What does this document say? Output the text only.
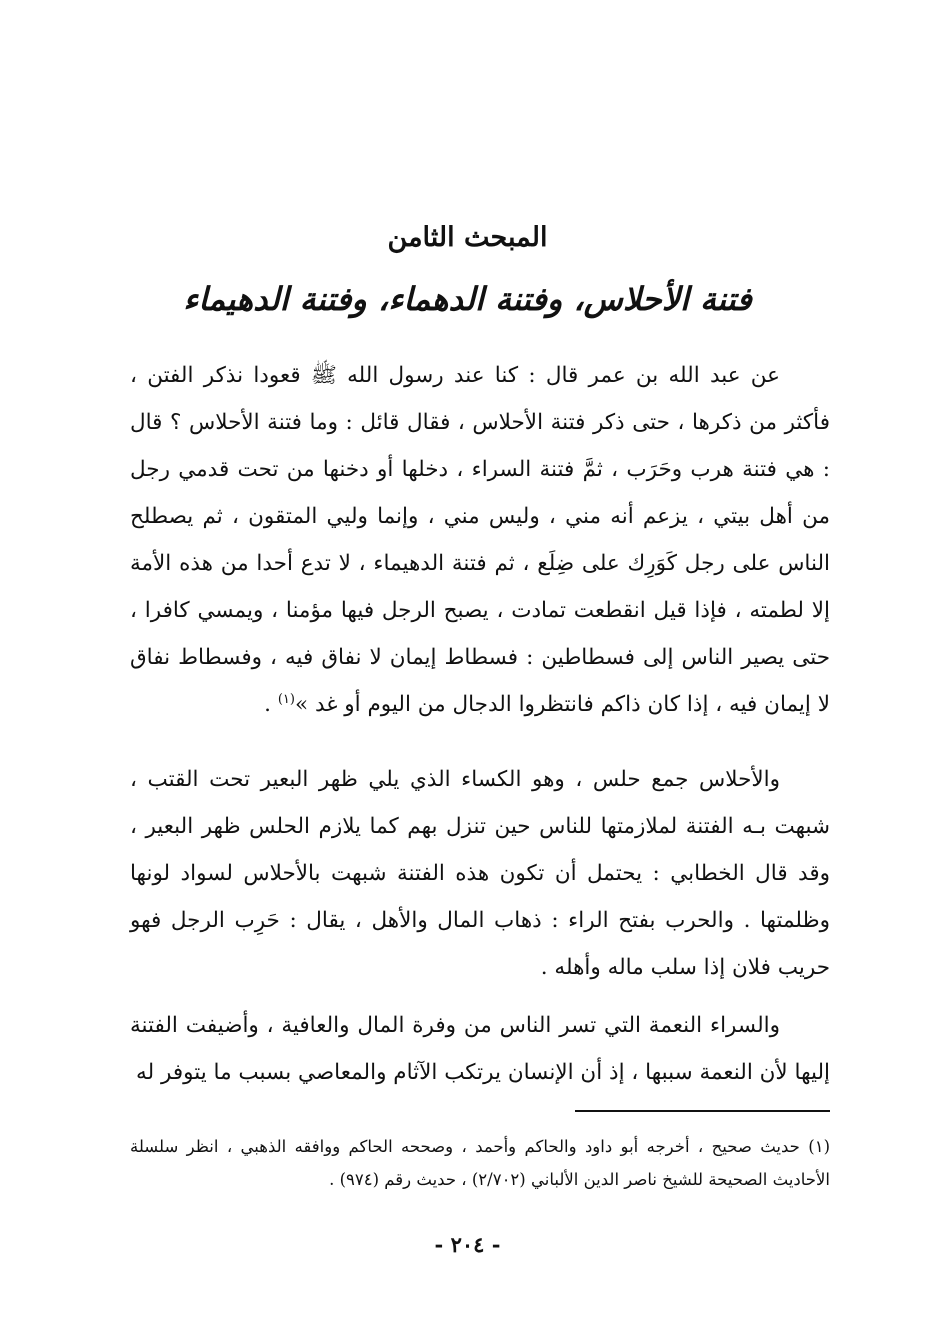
المبحث الثامن
فتنة الأحلاس، وفتنة الدهماء، وفتنة الدهيماء

عن عبد الله بن عمر قال : كنا عند رسول الله ﷺ قعودا نذكر الفتن ، فأكثر من ذكرها ، حتى ذكر فتنة الأحلاس ، فقال قائل : وما فتنة الأحلاس ؟ قال : هي فتنة هرب وحَرَب ، ثمَّ فتنة السراء ، دخلها أو دخنها من تحت قدمي رجل من أهل بيتي ، يزعم أنه مني ، وليس مني ، وإنما وليي المتقون ، ثم يصطلح الناس على رجل كَوَرِك على ضِلَع ، ثم فتنة الدهيماء ، لا تدع أحدا من هذه الأمة إلا لطمته ، فإذا قيل انقطعت تمادت ، يصبح الرجل فيها مؤمنا ، ويمسي كافرا ، حتى يصير الناس إلى فسطاطين : فسطاط إيمان لا نفاق فيه ، وفسطاط نفاق لا إيمان فيه ، إذا كان ذاكم فانتظروا الدجال من اليوم أو غد »$^{(١)}$ .

والأحلاس جمع حلس ، وهو الكساء الذي يلي ظهر البعير تحت القتب ، شبهت بـه الفتنة لملازمتها للناس حين تنزل بهم كما يلازم الحلس ظهر البعير ، وقد قال الخطابي : يحتمل أن تكون هذه الفتنة شبهت بالأحلاس لسواد لونها وظلمتها . والحرب بفتح الراء : ذهاب المال والأهل ، يقال : حَرِب الرجل فهو حريب فلان إذا سلب ماله وأهله .

والسراء النعمة التي تسر الناس من وفرة المال والعافية ، وأضيفت الفتنة إليها لأن النعمة سببها ، إذ أن الإنسان يرتكب الآثام والمعاصي بسبب ما يتوفر له

(١) حديث صحيح ، أخرجه أبو داود والحاكم وأحمد ، وصححه الحاكم ووافقه الذهبي ، انظر سلسلة الأحاديث الصحيحة للشيخ ناصر الدين الألباني (٢/٧٠٢) ، حديث رقم (٩٧٤) .

- ٢٠٤ -
